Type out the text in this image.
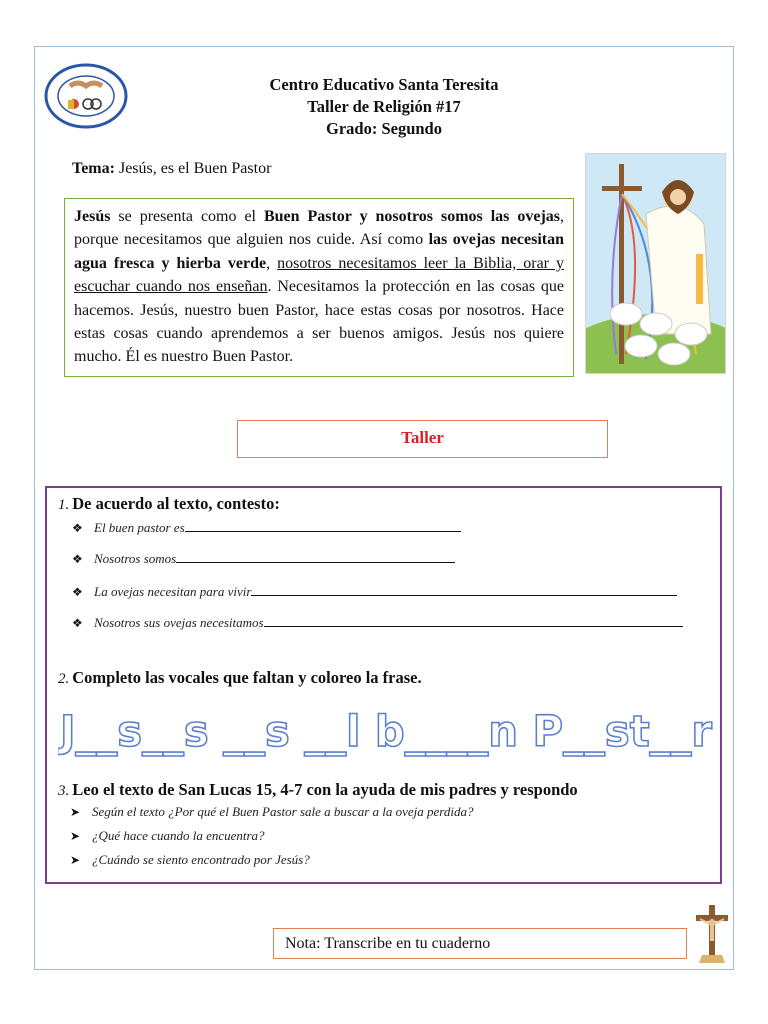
Centro Educativo Santa Teresita
Taller de Religión #17
Grado: Segundo
Tema: Jesús, es el Buen Pastor
Jesús se presenta como el Buen Pastor y nosotros somos las ovejas, porque necesitamos que alguien nos cuide. Así como las ovejas necesitan agua fresca y hierba verde, nosotros necesitamos leer la Biblia, orar y escuchar cuando nos enseñan. Necesitamos la protección en las cosas que hacemos. Jesús, nuestro buen Pastor, hace estas cosas por nosotros. Hace estas cosas cuando aprendemos a ser buenos amigos. Jesús nos quiere mucho. Él es nuestro Buen Pastor.
Taller
1. De acuerdo al texto, contesto:
❖ El buen pastor es
❖ Nosotros somos
❖ La ovejas necesitan para vivir
❖ Nosotros sus ovejas necesitamos
2. Completo las vocales que faltan y coloreo la frase.
J__s__s __s __l b____n P__st__r
3. Leo el texto de San Lucas 15, 4-7 con la ayuda de mis padres y respondo
➤ Según el texto ¿Por qué el Buen Pastor sale a buscar a la oveja perdida?
➤ ¿Qué hace cuando la encuentra?
➤ ¿Cuándo se siento encontrado por Jesús?
Nota: Transcribe en tu cuaderno
